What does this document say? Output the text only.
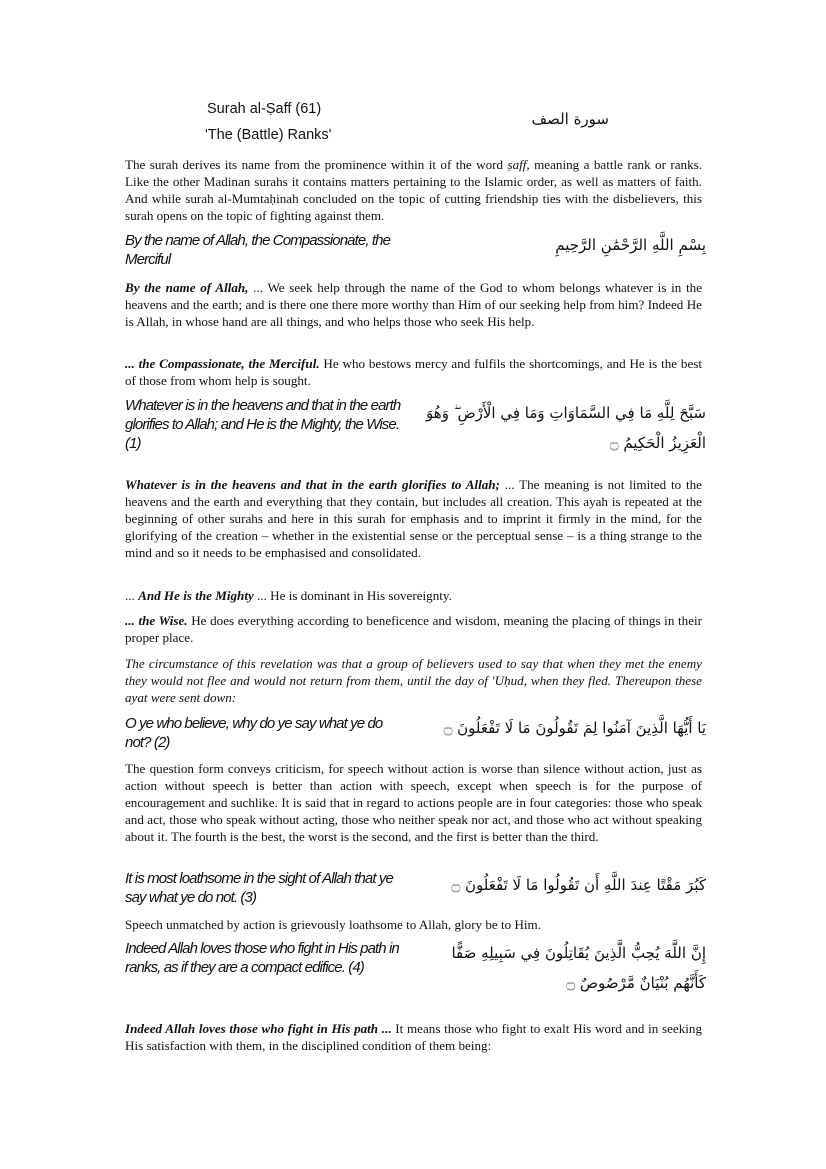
Surah al-Ṣaff (61)

'The (Battle) Ranks'

سورة الصف

The surah derives its name from the prominence within it of the word ṣaff, meaning a battle rank or ranks. Like the other Madinan surahs it contains matters pertaining to the Islamic order, as well as matters of faith. And while surah al-Mumtaḥinah concluded on the topic of cutting friendship ties with the disbelievers, this surah opens on the topic of fighting against them.

By the name of Allah, the Compassionate, the Merciful

بِسْمِ اللَّهِ الرَّحْمَٰنِ الرَّحِيمِ

By the name of Allah, ... We seek help through the name of the God to whom belongs whatever is in the heavens and the earth; and is there one there more worthy than Him of our seeking help from him? Indeed He is Allah, in whose hand are all things, and who helps those who seek His help.

... the Compassionate, the Merciful. He who bestows mercy and fulfils the shortcomings, and He is the best of those from whom help is sought.

Whatever is in the heavens and that in the earth glorifies to Allah; and He is the Mighty, the Wise. (1)

سَبَّحَ لِلَّهِ مَا فِي السَّمَاوَاتِ وَمَا فِي الْأَرْضِ ۖ وَهُوَ الْعَزِيزُ الْحَكِيمُ ۝

Whatever is in the heavens and that in the earth glorifies to Allah; ... The meaning is not limited to the heavens and the earth and everything that they contain, but includes all creation. This ayah is repeated at the beginning of other surahs and here in this surah for emphasis and to imprint it firmly in the mind, for the glorifying of the creation – whether in the existential sense or the perceptual sense – is a thing strange to the mind and so it needs to be emphasised and consolidated.

... And He is the Mighty ... He is dominant in His sovereignty.

... the Wise. He does everything according to beneficence and wisdom, meaning the placing of things in their proper place.

The circumstance of this revelation was that a group of believers used to say that when they met the enemy they would not flee and would not return from them, until the day of 'Uḥud, when they fled. Thereupon these ayat were sent down:

O ye who believe, why do ye say what ye do not? (2)

يَا أَيُّهَا الَّذِينَ آمَنُوا لِمَ تَقُولُونَ مَا لَا تَفْعَلُونَ ۝

The question form conveys criticism, for speech without action is worse than silence without action, just as action without speech is better than action with speech, except when speech is for the purpose of encouragement and suchlike. It is said that in regard to actions people are in four categories: those who speak and act, those who speak without acting, those who neither speak nor act, and those who act without speaking about it. The fourth is the best, the worst is the second, and the first is better than the third.

It is most loathsome in the sight of Allah that ye say what ye do not. (3)

كَبُرَ مَقْتًا عِندَ اللَّهِ أَن تَقُولُوا مَا لَا تَفْعَلُونَ ۝

Speech unmatched by action is grievously loathsome to Allah, glory be to Him.

Indeed Allah loves those who fight in His path in ranks, as if they are a compact edifice. (4)

إِنَّ اللَّهَ يُحِبُّ الَّذِينَ يُقَاتِلُونَ فِي سَبِيلِهِ صَفًّا كَأَنَّهُم بُنْيَانٌ مَّرْصُوصٌ ۝

Indeed Allah loves those who fight in His path ... It means those who fight to exalt His word and in seeking His satisfaction with them, in the disciplined condition of them being:
